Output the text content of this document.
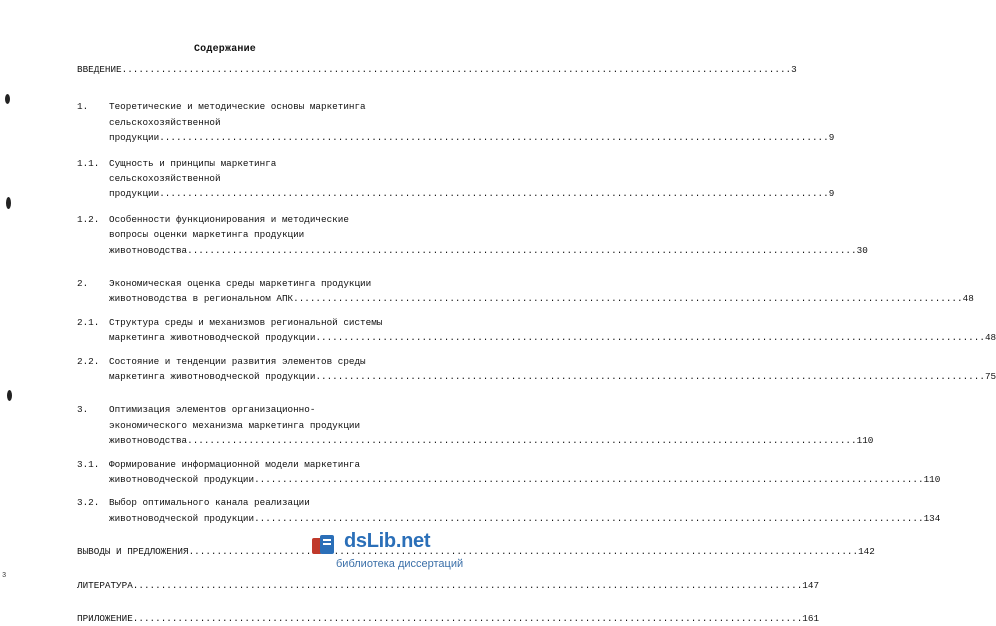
Содержание
ВВЕДЕНИЕ .....	3
1. Теоретические и методические основы маркетинга
сельскохозяйственной
продукции .....	9
1.1. Сущность и принципы маркетинга
сельскохозяйственной
продукции .....	9
1.2. Особенности функционирования и методические
вопросы оценки маркетинга продукции
животноводства .....	30
2. Экономическая оценка среды маркетинга продукции
животноводства в региональном АПК .....	48
2.1. Структура среды и механизмов региональной системы
маркетинга животноводческой продукции .....	48
2.2. Состояние и тенденции развития элементов среды
маркетинга животноводческой продукции .....	75
3. Оптимизация элементов организационно-
экономического механизма маркетинга продукции
животноводства .....	110
3.1. Формирование информационной модели маркетинга
животноводческой продукции .....	110
3.2. Выбор оптимального канала реализации
животноводческой продукции .....	134
ВЫВОДЫ И ПРЕДЛОЖЕНИЯ .....	142
ЛИТЕРАТУРА .....	147
ПРИЛОЖЕНИЕ .....	161
dsLib.net
библиотека диссертаций
3
